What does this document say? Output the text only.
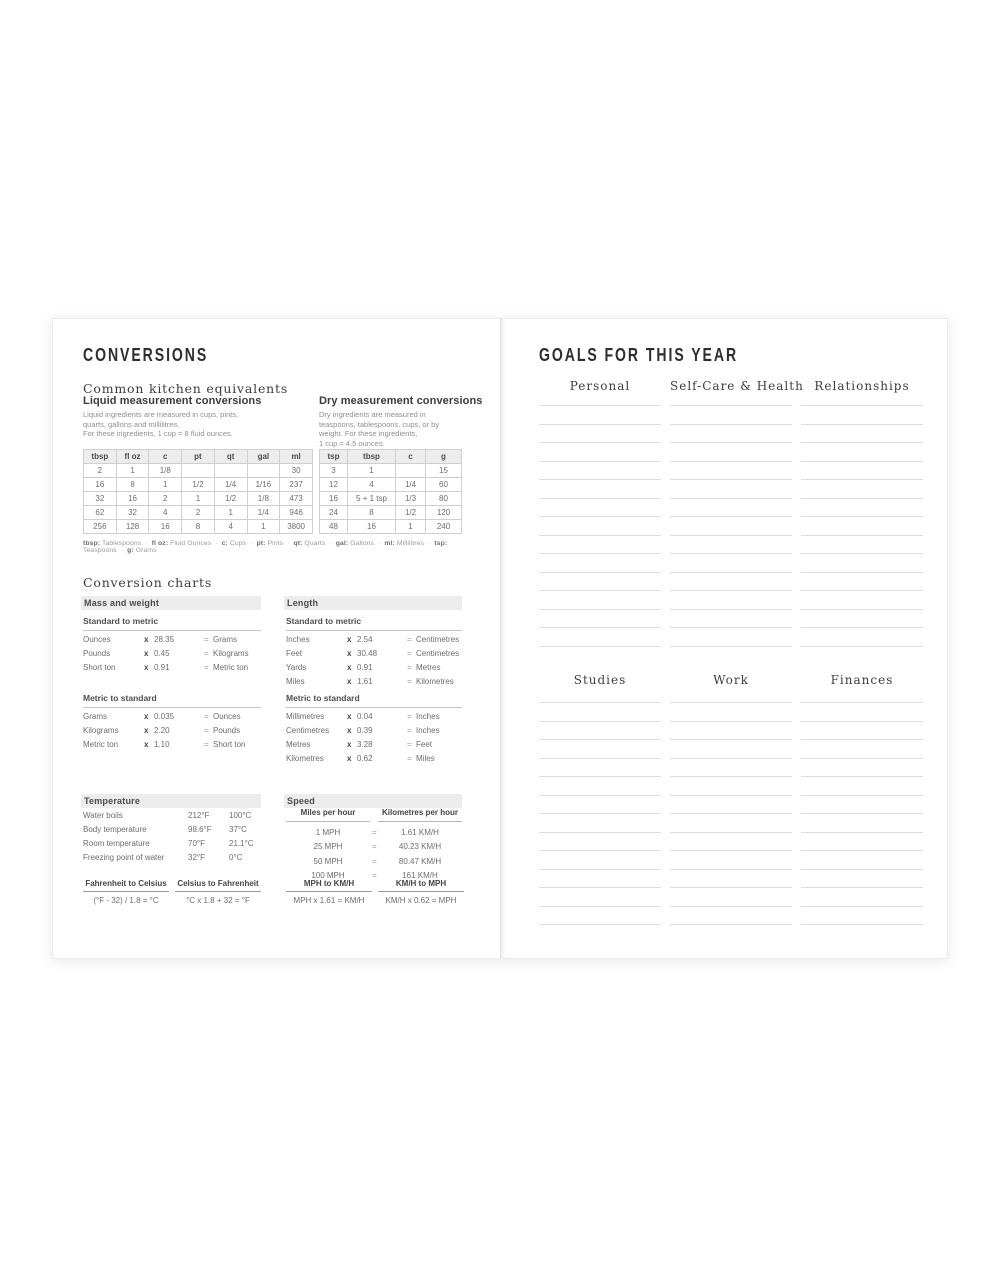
CONVERSIONS
Common kitchen equivalents
Liquid measurement conversions
Liquid ingredients are measured in cups, pints,
quarts, gallons and millilitres.
For these ingredients, 1 cup = 8 fluid ounces.
Dry measurement conversions
Dry ingredients are measured in
teaspoons, tablespoons, cups, or by
weight. For these ingredients,
1 cup = 4.5 ounces.
tbsp	fl oz	c	pt	qt	gal	ml
2	1	1/8				30
16	8	1	1/2	1/4	1/16	237
32	16	2	1	1/2	1/8	473
62	32	4	2	1	1/4	946
256	128	16	8	4	1	3800
tsp	tbsp	c	g
3	1		15
12	4	1/4	60
16	5 + 1 tsp	1/3	80
24	8	1/2	120
48	16	1	240
tbsp: Tablespoons · fl oz: Fluid Ounces · c: Cups · pt: Pints · qt: Quarts · gal: Gallons · ml: Millilitres · tsp: Teaspoons · g: Grams
Conversion charts
Mass and weight
Standard to metric
Ounces	x 28.35	= Grams
Pounds	x 0.45	= Kilograms
Short ton	x 0.91	= Metric ton
Metric to standard
Grams	x 0.035	= Ounces
Kilograms	x 2.20	= Pounds
Metric ton	x 1.10	= Short ton
Length
Standard to metric
Inches	x 2.54	= Centimetres
Feet	x 30.48	= Centimetres
Yards	x 0.91	= Metres
Miles	x 1.61	= Kilometres
Metric to standard
Millimetres	x 0.04	= Inches
Centimetres x 0.39	= Inches
Metres	x 3.28	= Feet
Kilometres	x 0.62	= Miles
Temperature
Water boils	212°F 100°C
Body temperature	98.6°F 37°C
Room temperature	70°F	21.1°C
Freezing point of water	32°F	0°C
Fahrenheit to Celsius
(°F - 32) / 1.8 = °C
Celsius to Fahrenheit
°C x 1.8 + 32 = °F
Speed
Miles per hour	Kilometres per hour
1 MPH	=	1.61 KM/H
25 MPH	=	40.23 KM/H
50 MPH	=	80.47 KM/H
100 MPH	=	161 KM/H
MPH to KM/H
MPH x 1.61 = KM/H
KM/H to MPH
KM/H x 0.62 = MPH
GOALS FOR THIS YEAR
Personal	Self-Care & Health Relationships
Studies	Work	Finances
